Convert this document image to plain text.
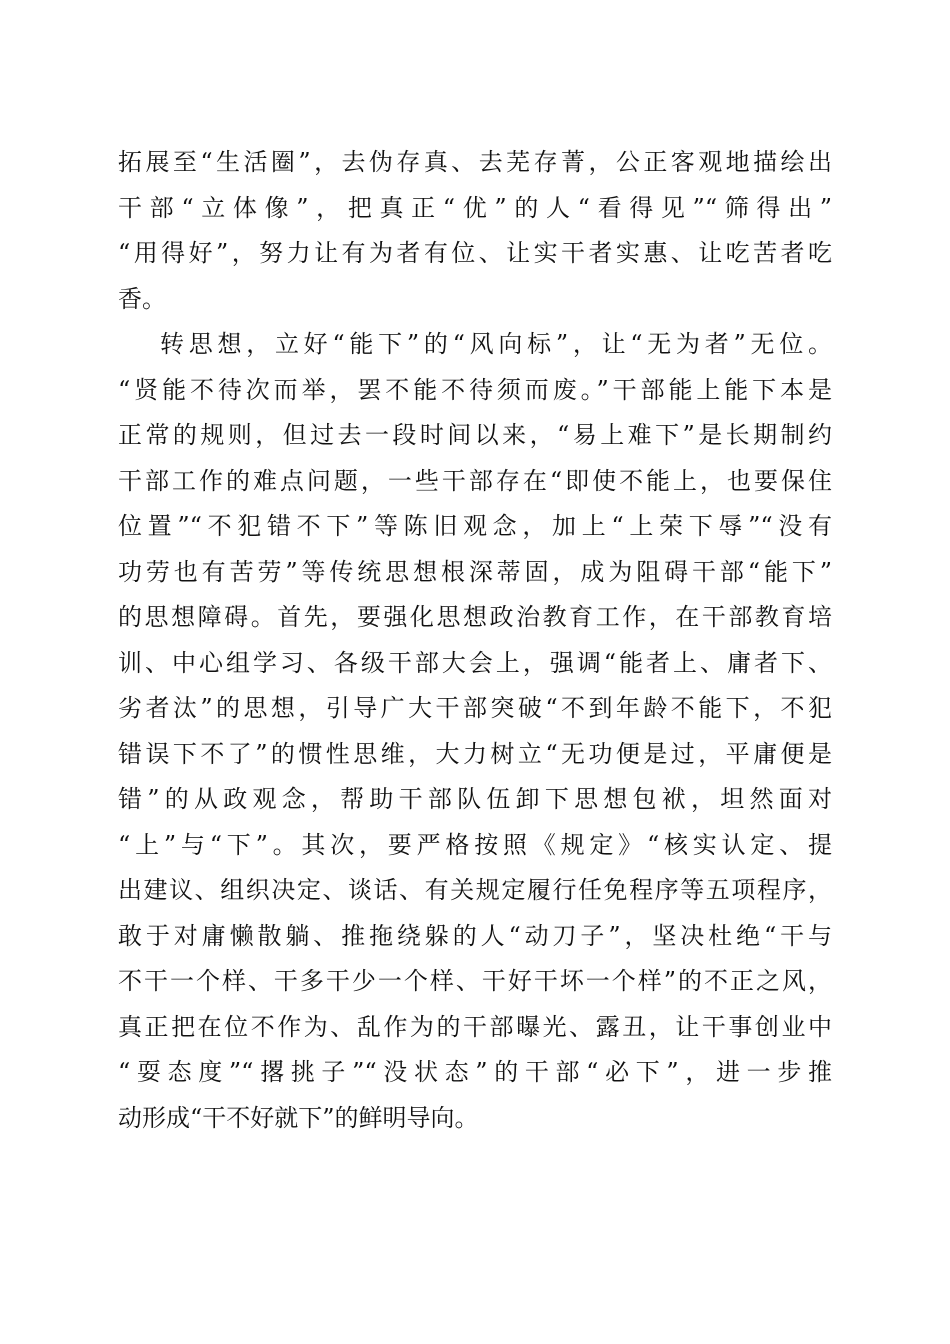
拓展至“生活圈”，去伪存真、去芜存菁，公正客观地描绘出
干部“立体像”，把真正“优”的人“看得见”“筛得出”
“用得好”，努力让有为者有位、让实干者实惠、让吃苦者吃
香。
转思想，立好“能下”的“风向标”，让“无为者”无位。
“贤能不待次而举，罢不能不待须而废。”干部能上能下本是
正常的规则，但过去一段时间以来，“易上难下”是长期制约
干部工作的难点问题，一些干部存在“即使不能上，也要保住
位置”“不犯错不下”等陈旧观念，加上“上荣下辱”“没有
功劳也有苦劳”等传统思想根深蒂固，成为阻碍干部“能下”
的思想障碍。首先，要强化思想政治教育工作，在干部教育培
训、中心组学习、各级干部大会上，强调“能者上、庸者下、
劣者汰”的思想，引导广大干部突破“不到年龄不能下，不犯
错误下不了”的惯性思维，大力树立“无功便是过，平庸便是
错”的从政观念，帮助干部队伍卸下思想包袱，坦然面对
“上”与“下”。其次，要严格按照《规定》“核实认定、提
出建议、组织决定、谈话、有关规定履行任免程序等五项程序，
敢于对庸懒散躺、推拖绕躲的人“动刀子”，坚决杜绝“干与
不干一个样、干多干少一个样、干好干坏一个样”的不正之风，
真正把在位不作为、乱作为的干部曝光、露丑，让干事创业中
“耍态度”“撂挑子”“没状态”的干部“必下”，进一步推
动形成“干不好就下”的鲜明导向。
